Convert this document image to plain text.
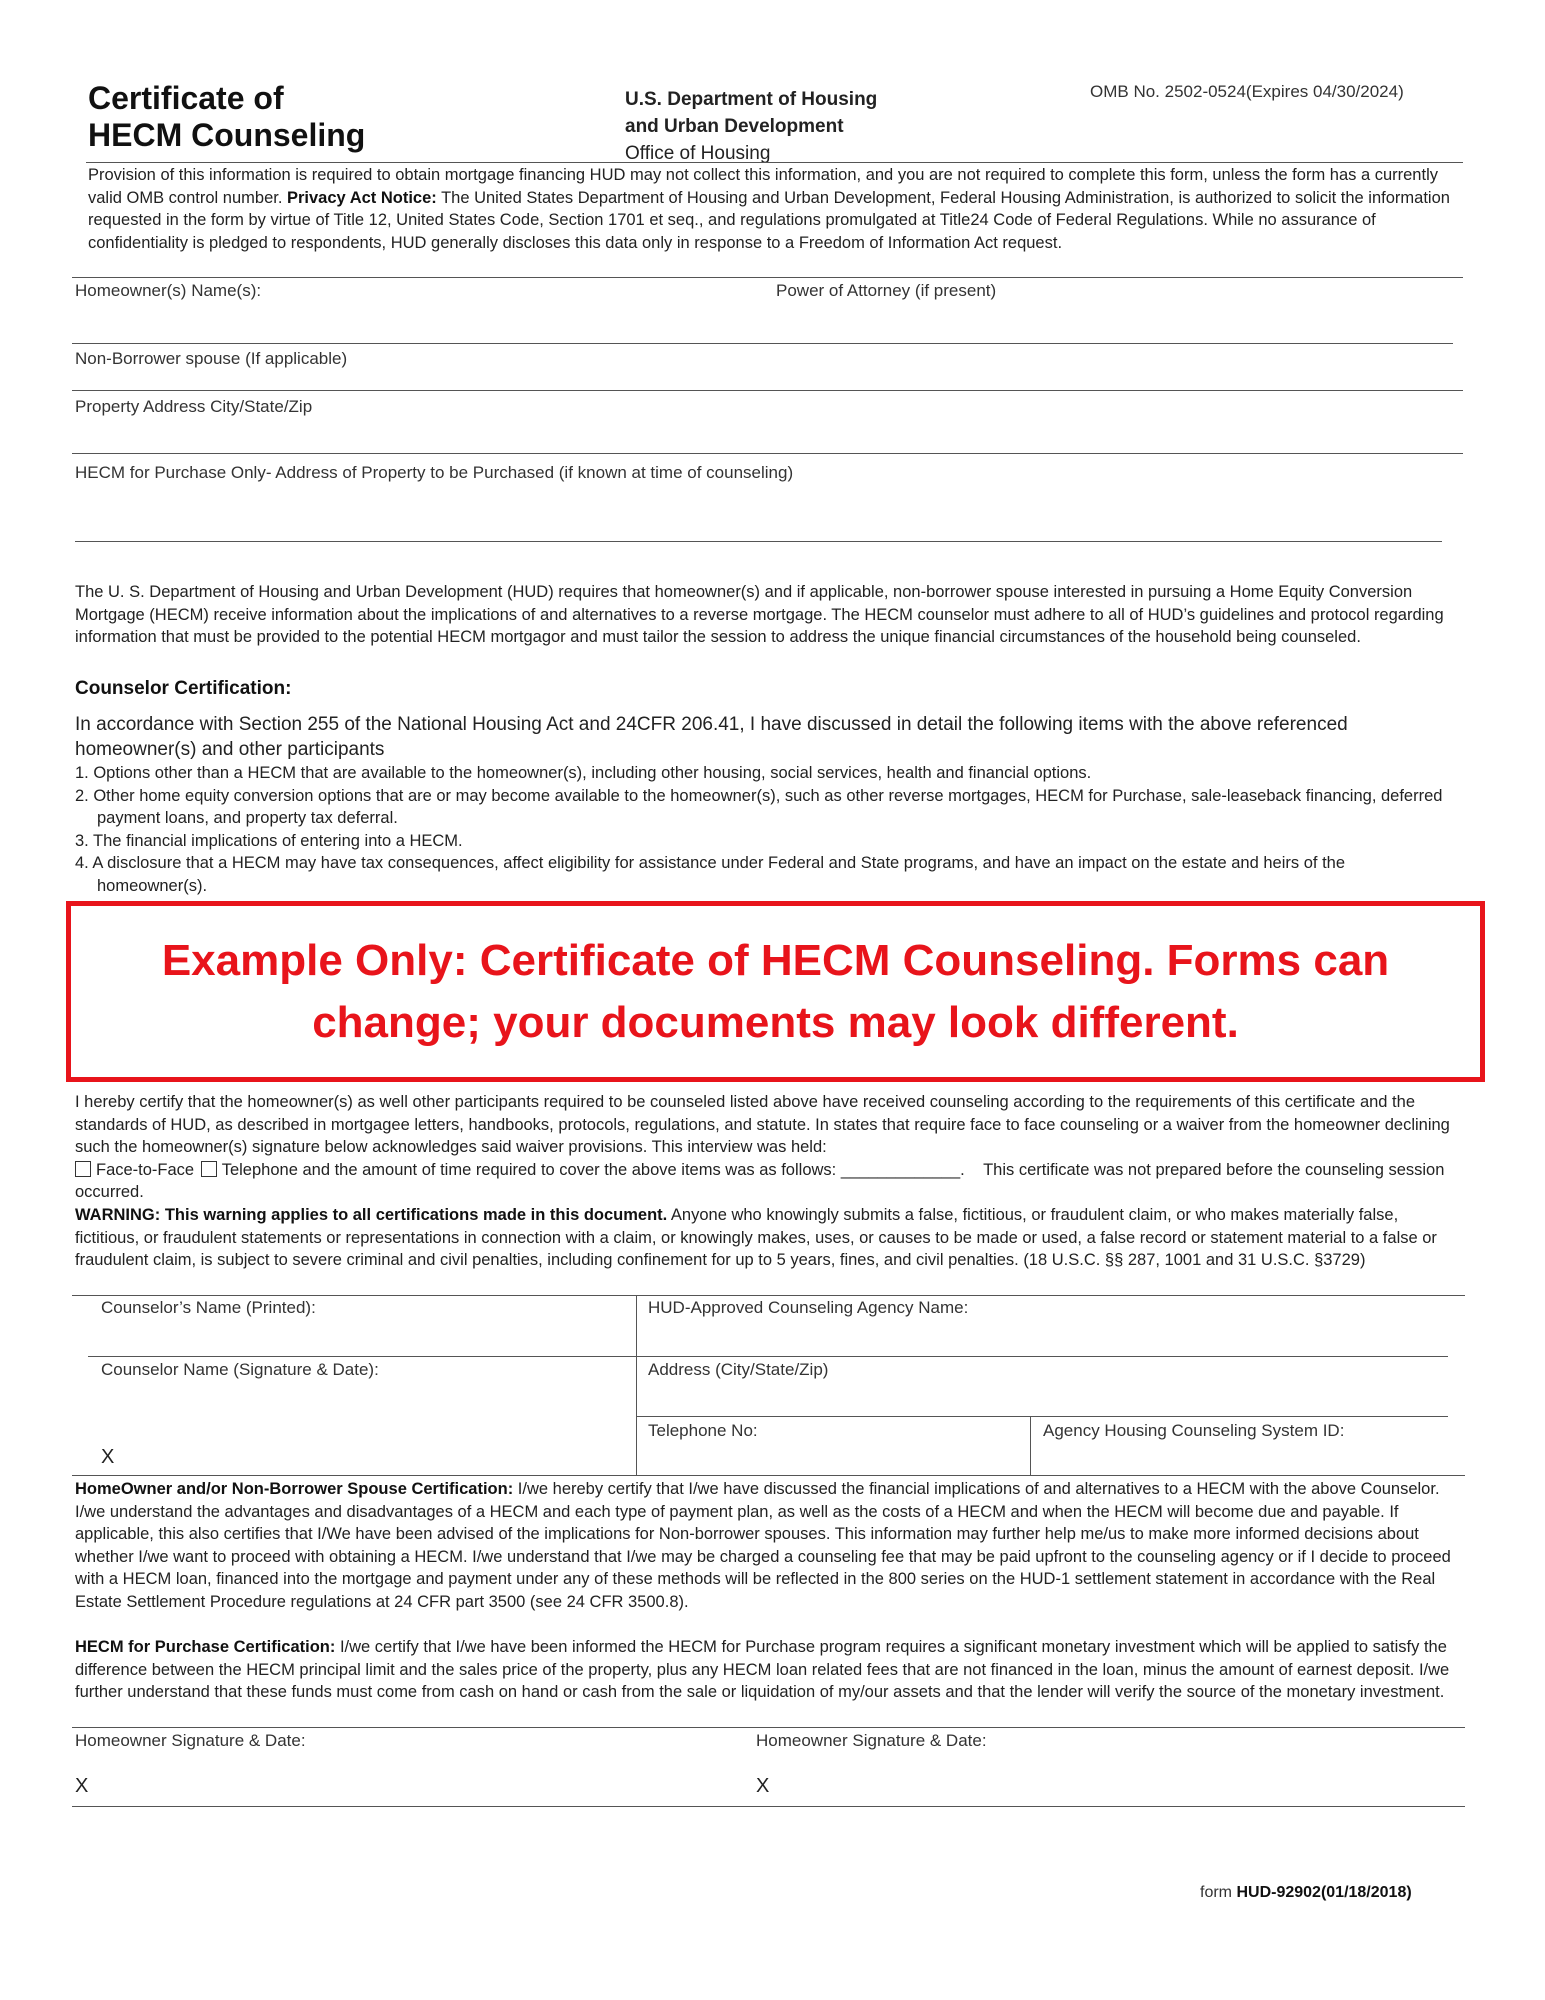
Certificate of
HECM Counseling
U.S. Department of Housing
and Urban Development
Office of Housing
OMB No. 2502-0524(Expires 04/30/2024)
Provision of this information is required to obtain mortgage financing HUD may not collect this information, and you are not required to complete this form, unless the form has a currently valid OMB control number. Privacy Act Notice: The United States Department of Housing and Urban Development, Federal Housing Administration, is authorized to solicit the information requested in the form by virtue of Title 12, United States Code, Section 1701 et seq., and regulations promulgated at Title24 Code of Federal Regulations. While no assurance of confidentiality is pledged to respondents, HUD generally discloses this data only in response to a Freedom of Information Act request.
Homeowner(s) Name(s):	Power of Attorney (if present)
Non-Borrower spouse (If applicable)
Property Address City/State/Zip
HECM for Purchase Only- Address of Property to be Purchased (if known at time of counseling)
The U. S. Department of Housing and Urban Development (HUD) requires that homeowner(s) and if applicable, non-borrower spouse interested in pursuing a Home Equity Conversion Mortgage (HECM) receive information about the implications of and alternatives to a reverse mortgage. The HECM counselor must adhere to all of HUD’s guidelines and protocol regarding information that must be provided to the potential HECM mortgagor and must tailor the session to address the unique financial circumstances of the household being counseled.
Counselor Certification:
In accordance with Section 255 of the National Housing Act and 24CFR 206.41, I have discussed in detail the following items with the above referenced homeowner(s) and other participants
1. Options other than a HECM that are available to the homeowner(s), including other housing, social services, health and financial options.
2. Other home equity conversion options that are or may become available to the homeowner(s), such as other reverse mortgages, HECM for Purchase, sale-leaseback financing, deferred payment loans, and property tax deferral.
3. The financial implications of entering into a HECM.
4. A disclosure that a HECM may have tax consequences, affect eligibility for assistance under Federal and State programs, and have an impact on the estate and heirs of the homeowner(s).
Example Only: Certificate of HECM Counseling. Forms can change; your documents may look different.
I hereby certify that the homeowner(s) as well other participants required to be counseled listed above have received counseling according to the requirements of this certificate and the standards of HUD, as described in mortgagee letters, handbooks, protocols, regulations, and statute. In states that require face to face counseling or a waiver from the homeowner declining such the homeowner(s) signature below acknowledges said waiver provisions. This interview was held:
Face-to-Face Telephone and the amount of time required to cover the above items was as follows: _____________. This certificate was not prepared before the counseling session occurred.
WARNING: This warning applies to all certifications made in this document. Anyone who knowingly submits a false, fictitious, or fraudulent claim, or who makes materially false, fictitious, or fraudulent statements or representations in connection with a claim, or knowingly makes, uses, or causes to be made or used, a false record or statement material to a false or fraudulent claim, is subject to severe criminal and civil penalties, including confinement for up to 5 years, fines, and civil penalties. (18 U.S.C. §§ 287, 1001 and 31 U.S.C. §3729)
Counselor’s Name (Printed):	HUD-Approved Counseling Agency Name:
Counselor Name (Signature & Date):	Address (City/State/Zip)
Telephone No:	Agency Housing Counseling System ID:
X
HomeOwner and/or Non-Borrower Spouse Certification: I/we hereby certify that I/we have discussed the financial implications of and alternatives to a HECM with the above Counselor. I/we understand the advantages and disadvantages of a HECM and each type of payment plan, as well as the costs of a HECM and when the HECM will become due and payable. If applicable, this also certifies that I/We have been advised of the implications for Non-borrower spouses. This information may further help me/us to make more informed decisions about whether I/we want to proceed with obtaining a HECM. I/we understand that I/we may be charged a counseling fee that may be paid upfront to the counseling agency or if I decide to proceed with a HECM loan, financed into the mortgage and payment under any of these methods will be reflected in the 800 series on the HUD-1 settlement statement in accordance with the Real Estate Settlement Procedure regulations at 24 CFR part 3500 (see 24 CFR 3500.8).
HECM for Purchase Certification: I/we certify that I/we have been informed the HECM for Purchase program requires a significant monetary investment which will be applied to satisfy the difference between the HECM principal limit and the sales price of the property, plus any HECM loan related fees that are not financed in the loan, minus the amount of earnest deposit. I/we further understand that these funds must come from cash on hand or cash from the sale or liquidation of my/our assets and that the lender will verify the source of the monetary investment.
Homeowner Signature & Date:	Homeowner Signature & Date:
X	X
form HUD-92902(01/18/2018)
